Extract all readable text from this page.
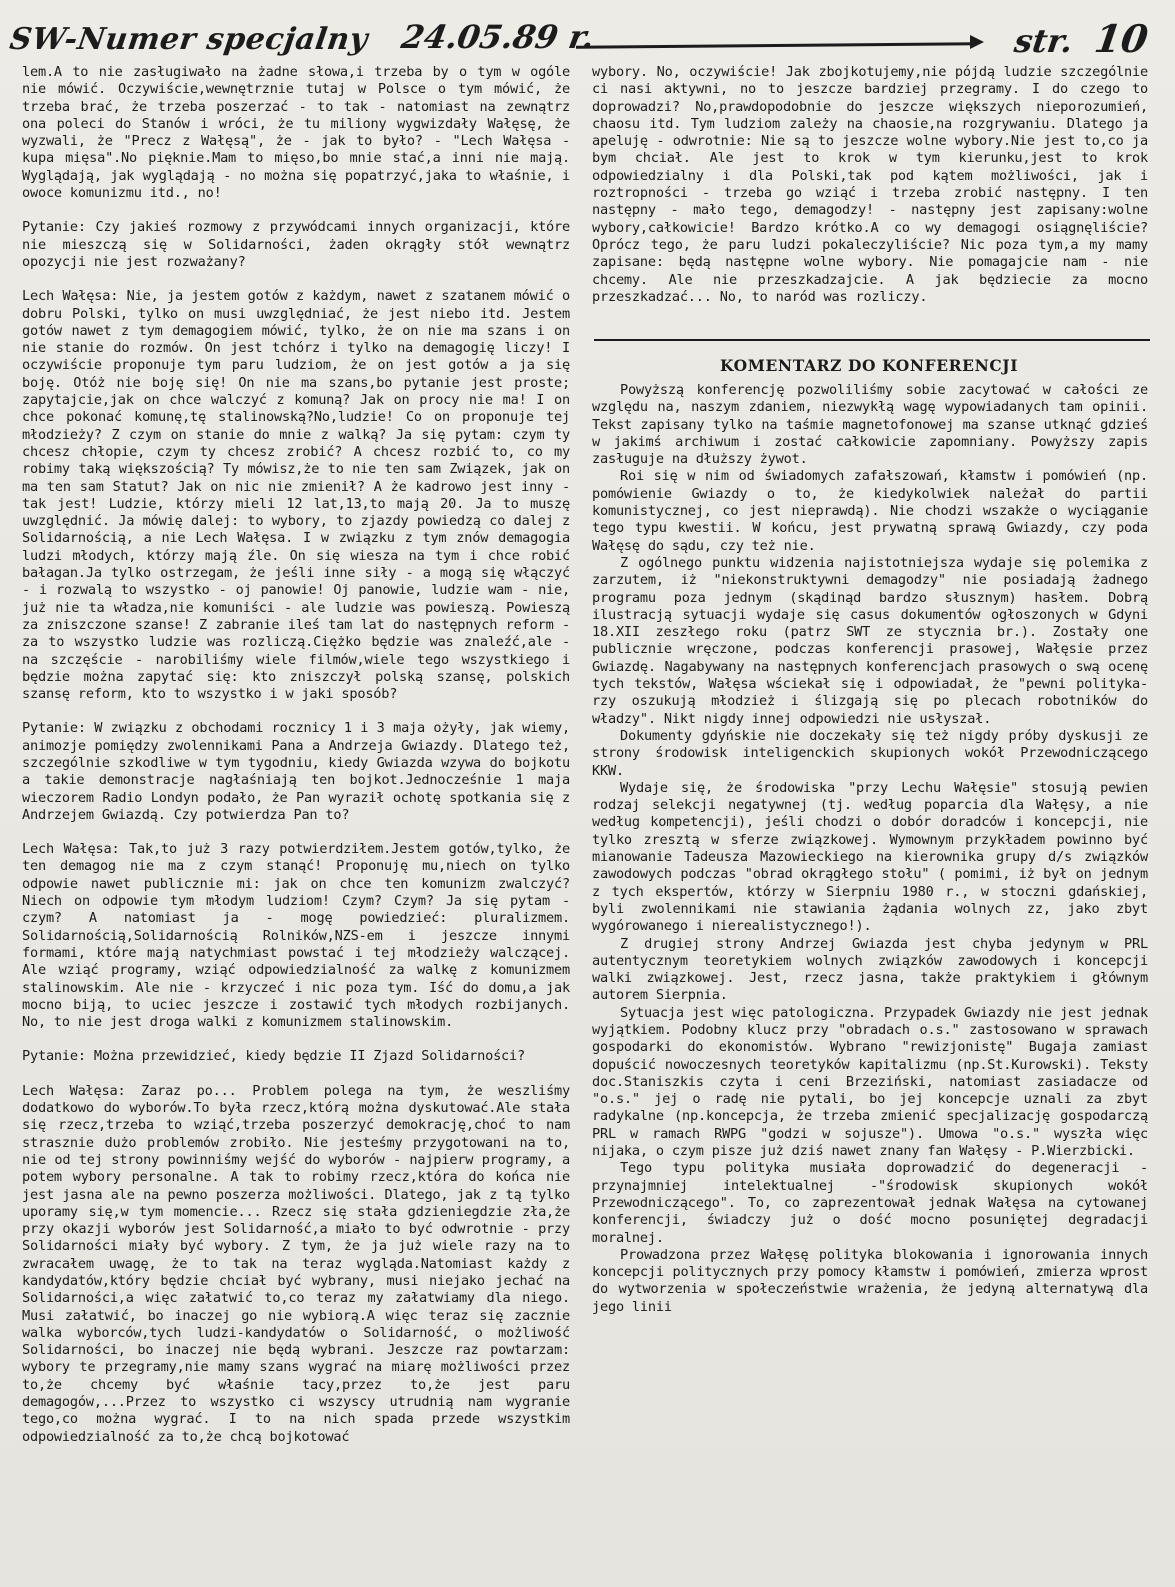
SW-Numer specjalny 24.05.89 r.	str. 10

lem.A to nie zasługiwało na żadne słowa,i trzeba by o tym w ogóle nie mówić. Oczywiście,wewnętrznie tutaj w Polsce o tym mówić, że trzeba brać, że trzeba poszerzać - to tak - natomiast na zewnątrz ona poleci do Stanów i wróci, że tu miliony wygwizdały Wałęsę, że wyzwali, że "Precz z Wałęsą", że - jak to było? - "Lech Wałęsa - kupa mięsa".No pięknie.Mam to mięso,bo mnie stać,a inni nie mają. Wyglądają, jak wyglądają - no można się popatrzyć,jaka to właśnie, i owoce komunizmu itd., no!

Pytanie: Czy jakieś rozmowy z przywódcami innych organizacji, które nie mieszczą się w Solidarności, żaden okrągły stół wewnątrz opozycji nie jest rozważany?

Lech Wałęsa: Nie, ja jestem gotów z każdym, nawet z szatanem mówić o dobru Polski, tylko on musi uwzględniać, że jest niebo itd. Jestem gotów nawet z tym demagogiem mówić, tylko, że on nie ma szans i on nie stanie do rozmów. On jest tchórz i tylko na demagogię liczy! I oczywiście proponuje tym paru ludziom, że on jest gotów a ja się boję. Otóż nie boję się! On nie ma szans,bo pytanie jest proste; zapytajcie,jak on chce walczyć z komuną? Jak on procy nie ma! I on chce pokonać komunę,tę stalinowską?No,ludzie! Co on proponuje tej młodzieży? Z czym on stanie do mnie z walką? Ja się pytam: czym ty chcesz chłopie, czym ty chcesz zrobić? A chcesz rozbić to, co my robimy taką większością? Ty mówisz,że to nie ten sam Związek, jak on ma ten sam Statut? Jak on nic nie zmienił? A że kadrowo jest inny - tak jest! Ludzie, którzy mieli 12 lat,13,to mają 20. Ja to muszę uwzględnić. Ja mówię dalej: to wybory, to zjazdy powiedzą co dalej z Solidarnością, a nie Lech Wałęsa. I w związku z tym znów demagogia ludzi młodych, którzy mają źle. On się wiesza na tym i chce robić bałagan.Ja tylko ostrzegam, że jeśli inne siły - a mogą się włączyć - i rozwalą to wszystko - oj panowie! Oj panowie, ludzie wam - nie, już nie ta władza,nie komuniści - ale ludzie was powieszą. Powieszą za zniszczone szanse! Z zabranie ileś tam lat do następnych reform - za to wszystko ludzie was rozliczą.Ciężko będzie was znaleźć,ale - na szczęście - narobiliśmy wiele filmów,wiele tego wszystkiego i będzie można zapytać się: kto zniszczył polską szansę, polskich szansę reform, kto to wszystko i w jaki sposób?

Pytanie: W związku z obchodami rocznicy 1 i 3 maja ożyły, jak wiemy, animozje pomiędzy zwolennikami Pana a Andrzeja Gwiazdy. Dlatego też, szczególnie szkodliwe w tym tygodniu, kiedy Gwiazda wzywa do bojkotu a takie demonstracje nagłaśniają ten bojkot.Jednocześnie 1 maja wieczorem Radio Londyn podało, że Pan wyraził ochotę spotkania się z Andrzejem Gwiazdą. Czy potwierdza Pan to?

Lech Wałęsa: Tak,to już 3 razy potwierdziłem.Jestem gotów,tylko, że ten demagog nie ma z czym stanąć! Proponuję mu,niech on tylko odpowie nawet publicznie mi: jak on chce ten komunizm zwalczyć? Niech on odpowie tym młodym ludziom! Czym? Czym? Ja się pytam - czym? A natomiast ja - mogę powiedzieć: pluralizmem. Solidarnością,Solidarnością Rolników,NZS-em i jeszcze innymi formami, które mają natychmiast powstać i tej młodzieży walczącej. Ale wziąć programy, wziąć odpowiedzialność za walkę z komunizmem stalinowskim. Ale nie - krzyczeć i nic poza tym. Iść do domu,a jak mocno biją, to uciec jeszcze i zostawić tych młodych rozbijanych. No, to nie jest droga walki z komunizmem stalinowskim.

Pytanie: Można przewidzieć, kiedy będzie II Zjazd Solidarności?

Lech Wałęsa: Zaraz po... Problem polega na tym, że weszliśmy dodatkowo do wyborów.To była rzecz,którą można dyskutować.Ale stała się rzecz,trzeba to wziąć,trzeba poszerzyć demokrację,choć to nam strasznie dużo problemów zrobiło. Nie jesteśmy przygotowani na to, nie od tej strony powinniśmy wejść do wyborów - najpierw programy, a potem wybory personalne. A tak to robimy rzecz,która do końca nie jest jasna ale na pewno poszerza możliwości. Dlatego, jak z tą tylko uporamy się,w tym momencie... Rzecz się stała gdzieniegdzie zła,że przy okazji wyborów jest Solidarność,a miało to być odwrotnie - przy Solidarności miały być wybory. Z tym, że ja już wiele razy na to zwracałem uwagę, że to tak na teraz wygląda.Natomiast każdy z kandydatów,który będzie chciał być wybrany, musi niejako jechać na Solidarności,a więc załatwić to,co teraz my załatwiamy dla niego. Musi załatwić, bo inaczej go nie wybiorą.A więc teraz się zacznie walka wyborców,tych ludzi-kandydatów o Solidarność, o możliwość Solidarności, bo inaczej nie będą wybrani. Jeszcze raz powtarzam: wybory te przegramy,nie mamy szans wygrać na miarę możliwości przez to,że chcemy być właśnie tacy,przez to,że jest paru demagogów,...Przez to wszystko ci wszyscy utrudnią nam wygranie tego,co można wygrać. I to na nich spada przede wszystkim odpowiedzialność za to,że chcą bojkotować

wybory. No, oczywiście! Jak zbojkotujemy,nie pójdą ludzie szczególnie ci nasi aktywni, no to jeszcze bardziej przegramy. I do czego to doprowadzi? No,prawdopodobnie do jeszcze większych nieporozumień, chaosu itd. Tym ludziom zależy na chaosie,na rozgrywaniu. Dlatego ja apeluję - odwrotnie: Nie są to jeszcze wolne wybory.Nie jest to,co ja bym chciał. Ale jest to krok w tym kierunku,jest to krok odpowiedzialny i dla Polski,tak pod kątem możliwości, jak i roztropności - trzeba go wziąć i trzeba zrobić następny. I ten następny - mało tego, demagodzy! - następny jest zapisany:wolne wybory,całkowicie! Bardzo krótko.A co wy demagogi osiągnęliście? Oprócz tego, że paru ludzi pokaleczyliście? Nic poza tym,a my mamy zapisane: będą następne wolne wybory. Nie pomagajcie nam - nie chcemy. Ale nie przeszkadzajcie. A jak będziecie za mocno przeszkadzać... No, to naród was rozliczy.

KOMENTARZ DO KONFERENCJI

Powyższą konferencję pozwoliliśmy sobie zacytować w całości ze względu na, naszym zdaniem, niezwykłą wagę wypowiadanych tam opinii. Tekst zapisany tylko na taśmie magnetofonowej ma szanse utknąć gdzieś w jakimś archiwum i zostać całkowicie zapomniany. Powyższy zapis zasługuje na dłuższy żywot.

Roi się w nim od świadomych zafałszowań, kłamstw i pomówień (np. pomówienie Gwiazdy o to, że kiedykolwiek należał do partii komunistycznej, co jest nieprawdą). Nie chodzi wszakże o wyciąganie tego typu kwestii. W końcu, jest prywatną sprawą Gwiazdy, czy poda Wałęsę do sądu, czy też nie.

Z ogólnego punktu widzenia najistotniejsza wydaje się polemika z zarzutem, iż "niekonstruktywni demagodzy" nie posiadają żadnego programu poza jednym (skądinąd bardzo słusznym) hasłem. Dobrą ilustracją sytuacji wydaje się casus dokumentów ogłoszonych w Gdyni 18.XII zeszłego roku (patrz SWT ze stycznia br.). Zostały one publicznie wręczone, podczas konferencji prasowej, Wałęsie przez Gwiazdę. Nagabywany na następnych konferencjach prasowych o swą ocenę tych tekstów, Wałęsa wściekał się i odpowiadał, że "pewni polityka-rzy oszukują młodzież i ślizgają się po plecach robotników do władzy". Nikt nigdy innej odpowiedzi nie usłyszał.

Dokumenty gdyńskie nie doczekały się też nigdy próby dyskusji ze strony środowisk inteligenckich skupionych wokół Przewodniczącego KKW.

Wydaje się, że środowiska "przy Lechu Wałęsie" stosują pewien rodzaj selekcji negatywnej (tj. według poparcia dla Wałęsy, a nie według kompetencji), jeśli chodzi o dobór doradców i koncepcji, nie tylko zresztą w sferze związkowej. Wymownym przykładem powinno być mianowanie Tadeusza Mazowieckiego na kierownika grupy d/s związków zawodowych podczas "obrad okrągłego stołu" ( pomimi, iż był on jednym z tych ekspertów, którzy w Sierpniu 1980 r., w stoczni gdańskiej, byli zwolennikami nie stawiania żądania wolnych zz, jako zbyt wygórowanego i nierealistycznego!).

Z drugiej strony Andrzej Gwiazda jest chyba jedynym w PRL autentycznym teoretykiem wolnych związków zawodowych i koncepcji walki związkowej. Jest, rzecz jasna, także praktykiem i głównym autorem Sierpnia.

Sytuacja jest więc patologiczna. Przypadek Gwiazdy nie jest jednak wyjątkiem. Podobny klucz przy "obradach o.s." zastosowano w sprawach gospodarki do ekonomistów. Wybrano "rewizjonistę" Bugaja zamiast dopuścić nowoczesnych teoretyków kapitalizmu (np.St.Kurowski). Teksty doc.Staniszkis czyta i ceni Brzeziński, natomiast zasiadacze od "o.s." jej o radę nie pytali, bo jej koncepcje uznali za zbyt radykalne (np.koncepcja, że trzeba zmienić specjalizację gospodarczą PRL w ramach RWPG "godzi w sojusze"). Umowa "o.s." wyszła więc nijaka, o czym pisze już dziś nawet znany fan Wałęsy - P.Wierzbicki.

Tego typu polityka musiała doprowadzić do degeneracji - przynajmniej intelektualnej -"środowisk skupionych wokół Przewodniczącego". To, co zaprezentował jednak Wałęsa na cytowanej konferencji, świadczy już o dość mocno posuniętej degradacji moralnej.

Prowadzona przez Wałęsę polityka blokowania i ignorowania innych koncepcji politycznych przy pomocy kłamstw i pomówień, zmierza wprost do wytworzenia w społeczeństwie wrażenia, że jedyną alternatywą dla jego linii
